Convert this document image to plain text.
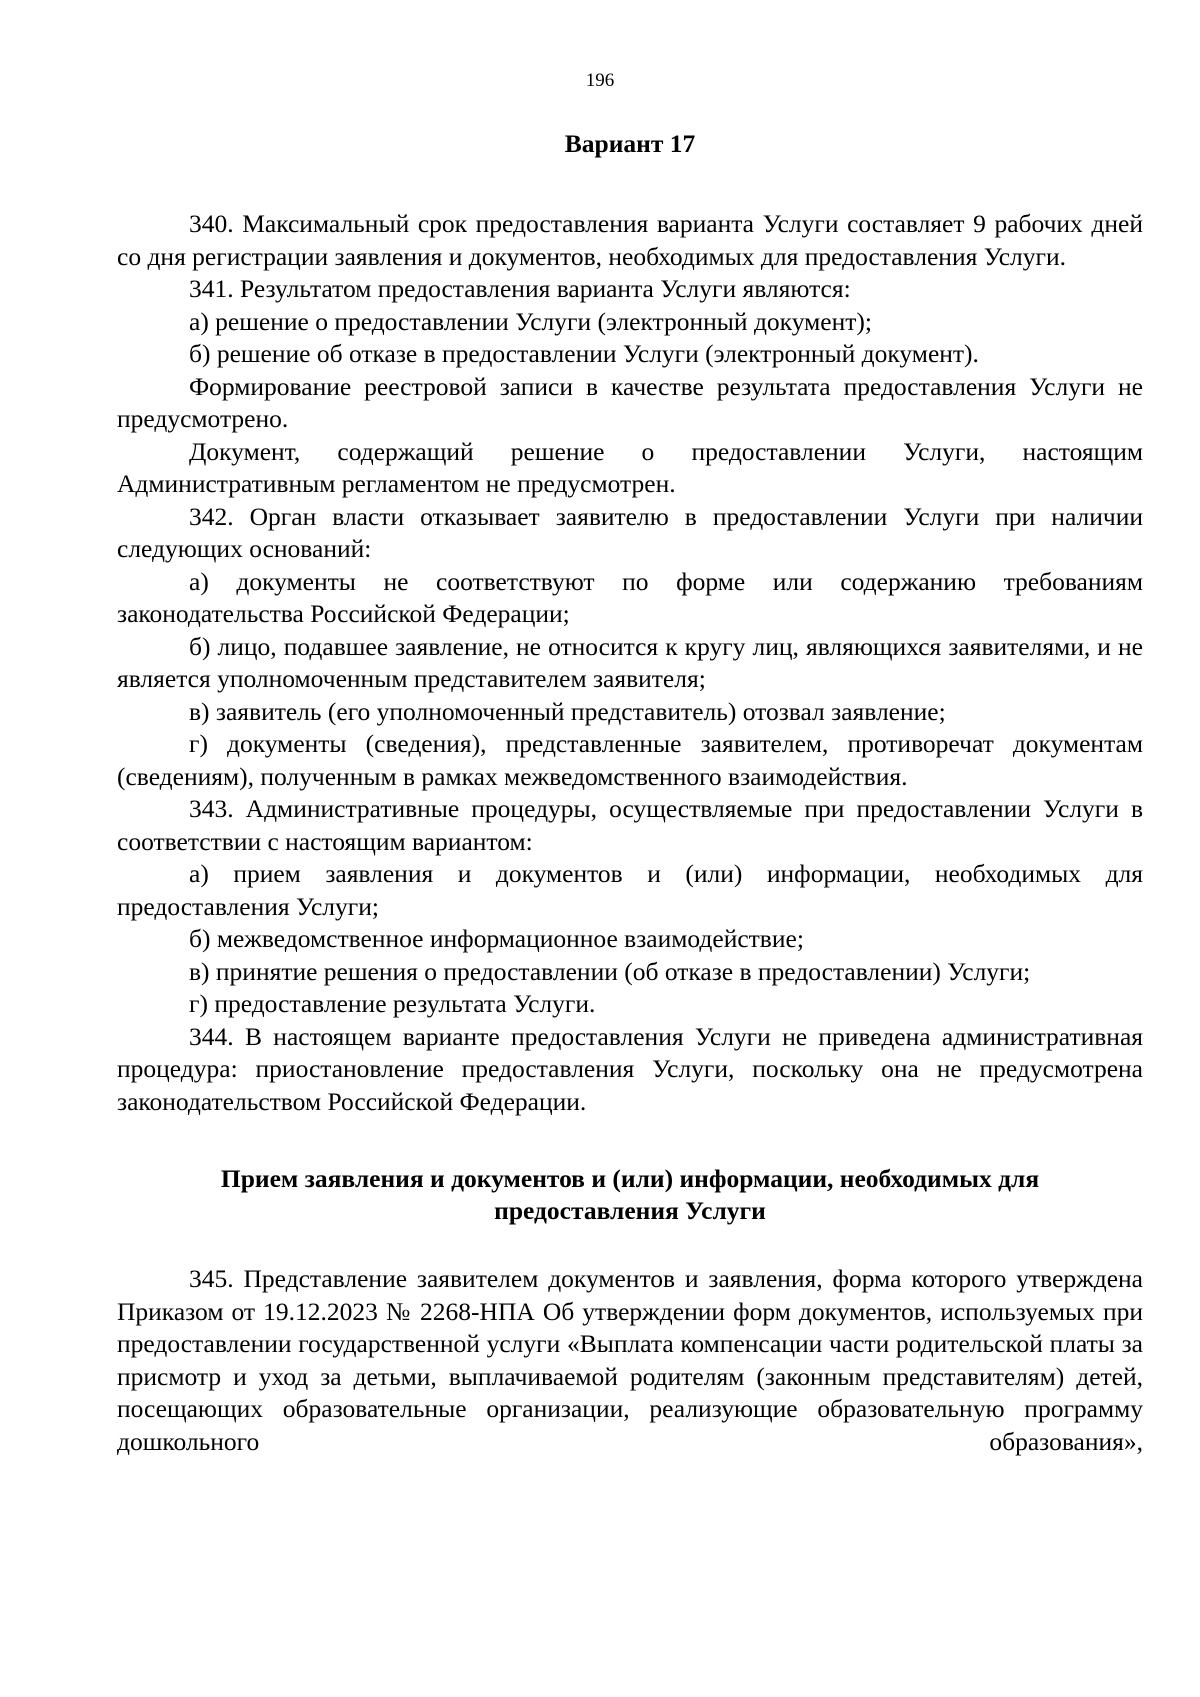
196
Вариант 17

340. Максимальный срок предоставления варианта Услуги составляет 9 рабочих дней со дня регистрации заявления и документов, необходимых для предоставления Услуги.

341. Результатом предоставления варианта Услуги являются:

а) решение о предоставлении Услуги (электронный документ);

б) решение об отказе в предоставлении Услуги (электронный документ).

Формирование реестровой записи в качестве результата предоставления Услуги не предусмотрено.

Документ, содержащий решение о предоставлении Услуги, настоящим Административным регламентом не предусмотрен.

342. Орган власти отказывает заявителю в предоставлении Услуги при наличии следующих оснований:

а) документы не соответствуют по форме или содержанию требованиям законодательства Российской Федерации;

б) лицо, подавшее заявление, не относится к кругу лиц, являющихся заявителями, и не является уполномоченным представителем заявителя;

в) заявитель (его уполномоченный представитель) отозвал заявление;

г) документы (сведения), представленные заявителем, противоречат документам (сведениям), полученным в рамках межведомственного взаимодействия.

343. Административные процедуры, осуществляемые при предоставлении Услуги в соответствии с настоящим вариантом:

а) прием заявления и документов и (или) информации, необходимых для предоставления Услуги;

б) межведомственное информационное взаимодействие;

в) принятие решения о предоставлении (об отказе в предоставлении) Услуги;

г) предоставление результата Услуги.

344. В настоящем варианте предоставления Услуги не приведена административная процедура: приостановление предоставления Услуги, поскольку она не предусмотрена законодательством Российской Федерации.

Прием заявления и документов и (или) информации, необходимых для предоставления Услуги

345. Представление заявителем документов и заявления, форма которого утверждена Приказом от 19.12.2023 № 2268-НПА Об утверждении форм документов, используемых при предоставлении государственной услуги «Выплата компенсации части родительской платы за присмотр и уход за детьми, выплачиваемой родителям (законным представителям) детей, посещающих образовательные организации, реализующие образовательную программу дошкольного образования»,
